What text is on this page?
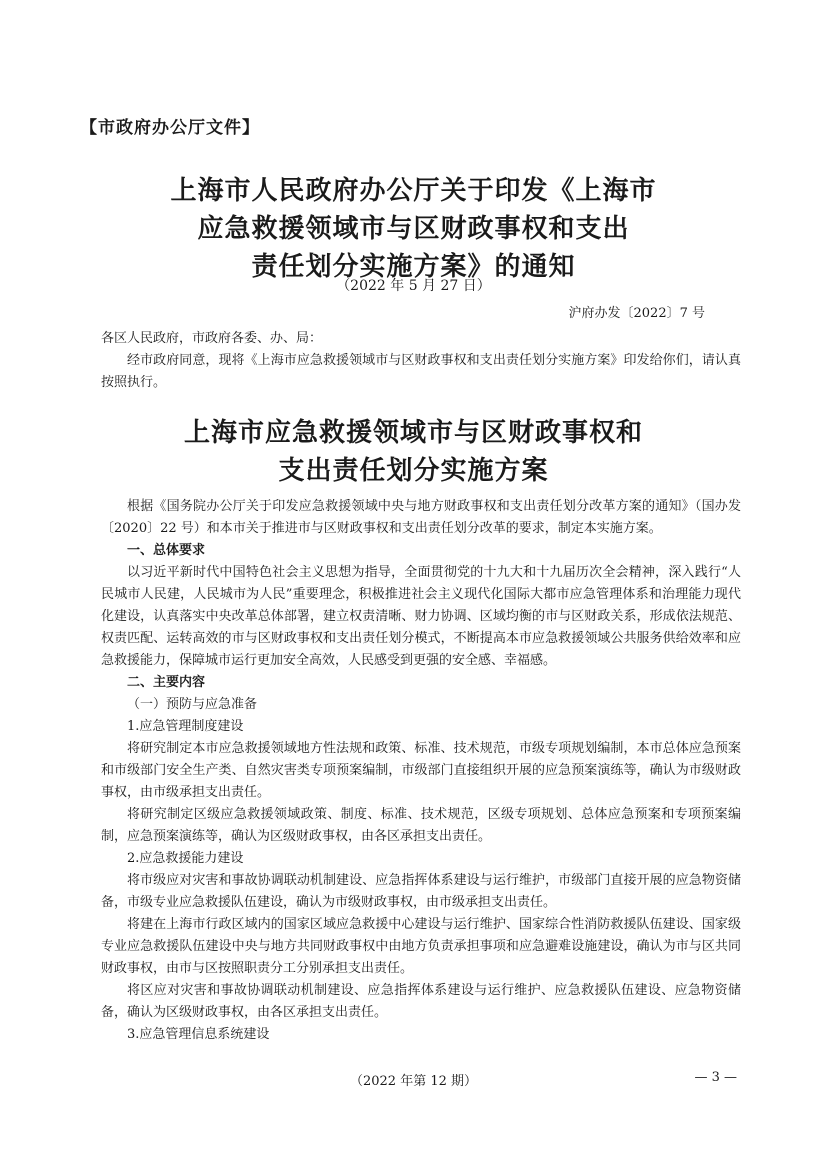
【市政府办公厅文件】
上海市人民政府办公厅关于印发《上海市
应急救援领域市与区财政事权和支出
责任划分实施方案》的通知
（2022 年 5 月 27 日）
沪府办发〔2022〕7 号

各区人民政府，市政府各委、办、局：

经市政府同意，现将《上海市应急救援领域市与区财政事权和支出责任划分实施方案》印发给你们，请认真按照执行。

上海市应急救援领域市与区财政事权和
支出责任划分实施方案

根据《国务院办公厅关于印发应急救援领域中央与地方财政事权和支出责任划分改革方案的通知》（国办发〔2020〕22 号）和本市关于推进市与区财政事权和支出责任划分改革的要求，制定本实施方案。

一、总体要求

以习近平新时代中国特色社会主义思想为指导，全面贯彻党的十九大和十九届历次全会精神，深入践行“人民城市人民建，人民城市为人民”重要理念，积极推进社会主义现代化国际大都市应急管理体系和治理能力现代化建设，认真落实中央改革总体部署，建立权责清晰、财力协调、区域均衡的市与区财政关系，形成依法规范、权责匹配、运转高效的市与区财政事权和支出责任划分模式，不断提高本市应急救援领域公共服务供给效率和应急救援能力，保障城市运行更加安全高效，人民感受到更强的安全感、幸福感。

二、主要内容

（一）预防与应急准备

1.应急管理制度建设

将研究制定本市应急救援领域地方性法规和政策、标准、技术规范，市级专项规划编制，本市总体应急预案和市级部门安全生产类、自然灾害类专项预案编制，市级部门直接组织开展的应急预案演练等，确认为市级财政事权，由市级承担支出责任。

将研究制定区级应急救援领域政策、制度、标准、技术规范，区级专项规划、总体应急预案和专项预案编制，应急预案演练等，确认为区级财政事权，由各区承担支出责任。

2.应急救援能力建设

将市级应对灾害和事故协调联动机制建设、应急指挥体系建设与运行维护，市级部门直接开展的应急物资储备，市级专业应急救援队伍建设，确认为市级财政事权，由市级承担支出责任。

将建在上海市行政区域内的国家区域应急救援中心建设与运行维护、国家综合性消防救援队伍建设、国家级专业应急救援队伍建设中央与地方共同财政事权中由地方负责承担事项和应急避难设施建设，确认为市与区共同财政事权，由市与区按照职责分工分别承担支出责任。

将区应对灾害和事故协调联动机制建设、应急指挥体系建设与运行维护、应急救援队伍建设、应急物资储备，确认为区级财政事权，由各区承担支出责任。

3.应急管理信息系统建设

（2022 年第 12 期）	— 3 —
